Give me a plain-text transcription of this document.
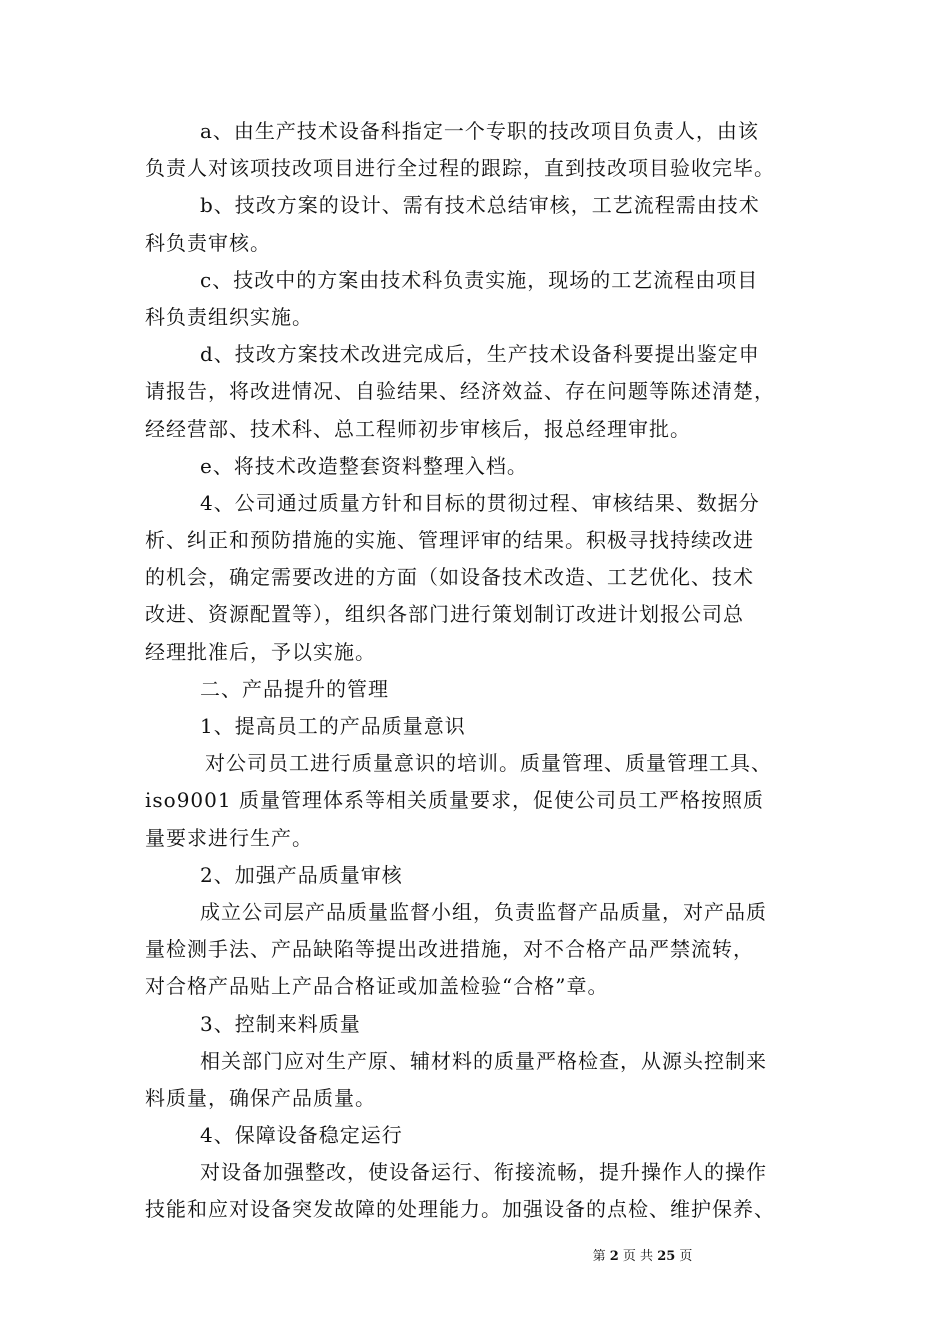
a、由生产技术设备科指定一个专职的技改项目负责人，由该
负责人对该项技改项目进行全过程的跟踪，直到技改项目验收完毕。
b、技改方案的设计、需有技术总结审核，工艺流程需由技术
科负责审核。
c、技改中的方案由技术科负责实施，现场的工艺流程由项目
科负责组织实施。
d、技改方案技术改进完成后，生产技术设备科要提出鉴定申
请报告，将改进情况、自验结果、经济效益、存在问题等陈述清楚，
经经营部、技术科、总工程师初步审核后，报总经理审批。
e、将技术改造整套资料整理入档。
4、公司通过质量方针和目标的贯彻过程、审核结果、数据分
析、纠正和预防措施的实施、管理评审的结果。积极寻找持续改进
的机会，确定需要改进的方面（如设备技术改造、工艺优化、技术
改进、资源配置等），组织各部门进行策划制订改进计划报公司总
经理批准后，予以实施。
二、产品提升的管理
1、提高员工的产品质量意识
对公司员工进行质量意识的培训。质量管理、质量管理工具、
iso9001 质量管理体系等相关质量要求，促使公司员工严格按照质
量要求进行生产。
2、加强产品质量审核
成立公司层产品质量监督小组，负责监督产品质量，对产品质
量检测手法、产品缺陷等提出改进措施，对不合格产品严禁流转，
对合格产品贴上产品合格证或加盖检验“合格”章。
3、控制来料质量
相关部门应对生产原、辅材料的质量严格检查，从源头控制来
料质量，确保产品质量。
4、保障设备稳定运行
对设备加强整改，使设备运行、衔接流畅，提升操作人的操作
技能和应对设备突发故障的处理能力。加强设备的点检、维护保养、
第 2 页 共 25 页
